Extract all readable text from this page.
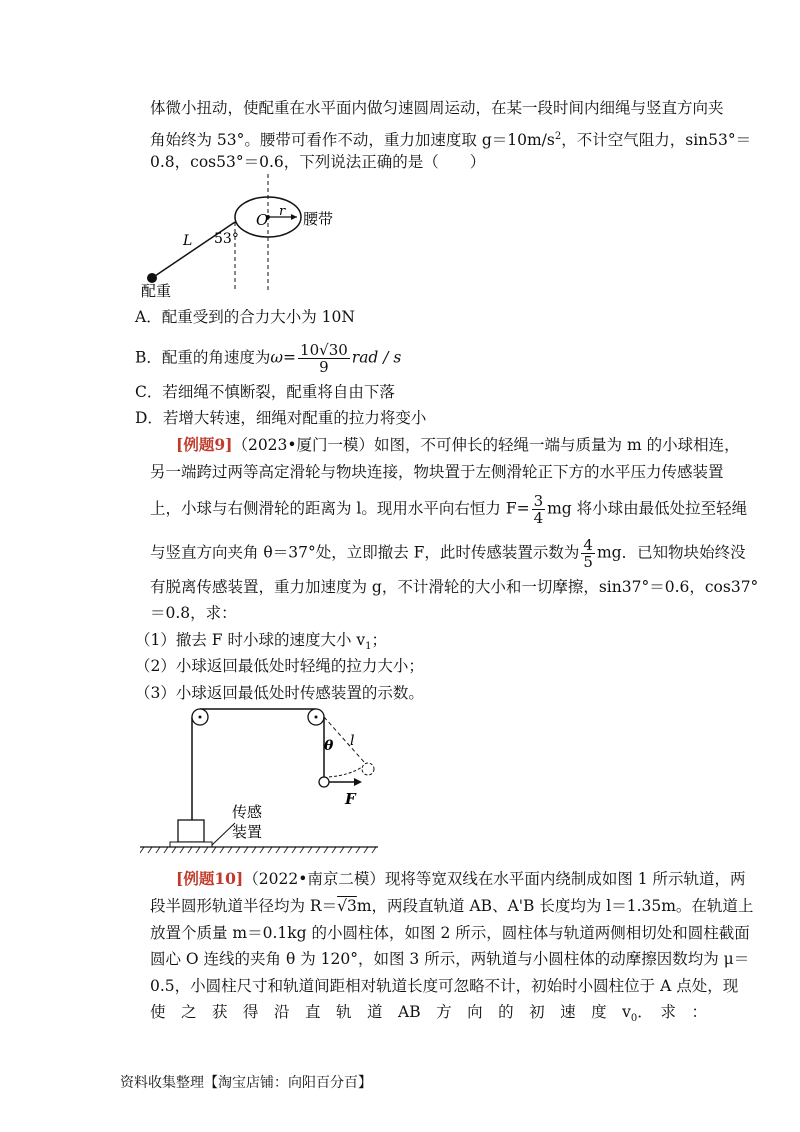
体微小扭动，使配重在水平面内做匀速圆周运动，在某一段时间内细绳与竖直方向夹
角始终为 53°。腰带可看作不动，重力加速度取 $g=10m/s^2$，不计空气阻力，sin53°＝
0.8，cos53°＝0.6，下列说法正确的是（　　）
O r 腰带
L 53°
配重
A．配重受到的合力大小为 10N
B．配重的角速度为$\omega= \frac{10√30}{9}$ rad / s
C．若细绳不慎断裂，配重将自由下落
D．若增大转速，细绳对配重的拉力将变小
[例题9]（2023•厦门一模）如图，不可伸长的轻绳一端与质量为 m 的小球相连，
另一端跨过两等高定滑轮与物块连接，物块置于左侧滑轮正下方的水平压力传感装置
上，小球与右侧滑轮的距离为 l。现用水平向右恒力 $F= \frac{3}{4}$ mg 将小球由最低处拉至轻绳
与竖直方向夹角 θ＝37°处，立即撤去 F，此时传感装置示数为 $\frac{4}{5}$ mg．已知物块始终没
有脱离传感装置，重力加速度为 g，不计滑轮的大小和一切摩擦，sin37°＝0.6，cos37°
＝0.8，求：
（1）撤去 F 时小球的速度大小 $v_1$；
（2）小球返回最低处时轻绳的拉力大小；
（3）小球返回最低处时传感装置的示数。
θ l
F
传感
装置
[例题10]（2022•南京二模）现将等宽双线在水平面内绕制成如图 1 所示轨道，两
段半圆形轨道半径均为 R＝√3m，两段直轨道 AB、A'B 长度均为 l＝1.35m。在轨道上
放置个质量 m＝0.1kg 的小圆柱体，如图 2 所示，圆柱体与轨道两侧相切处和圆柱截面
圆心 O 连线的夹角 θ 为 120°，如图 3 所示，两轨道与小圆柱体的动摩擦因数均为 μ＝
0.5，小圆柱尺寸和轨道间距相对轨道长度可忽略不计，初始时小圆柱位于 A 点处，现
使　之　获　得　沿　直　轨　道　AB　方　向　的　初　速　度　$v_0$．　求　：
资料收集整理【淘宝店铺：向阳百分百】
